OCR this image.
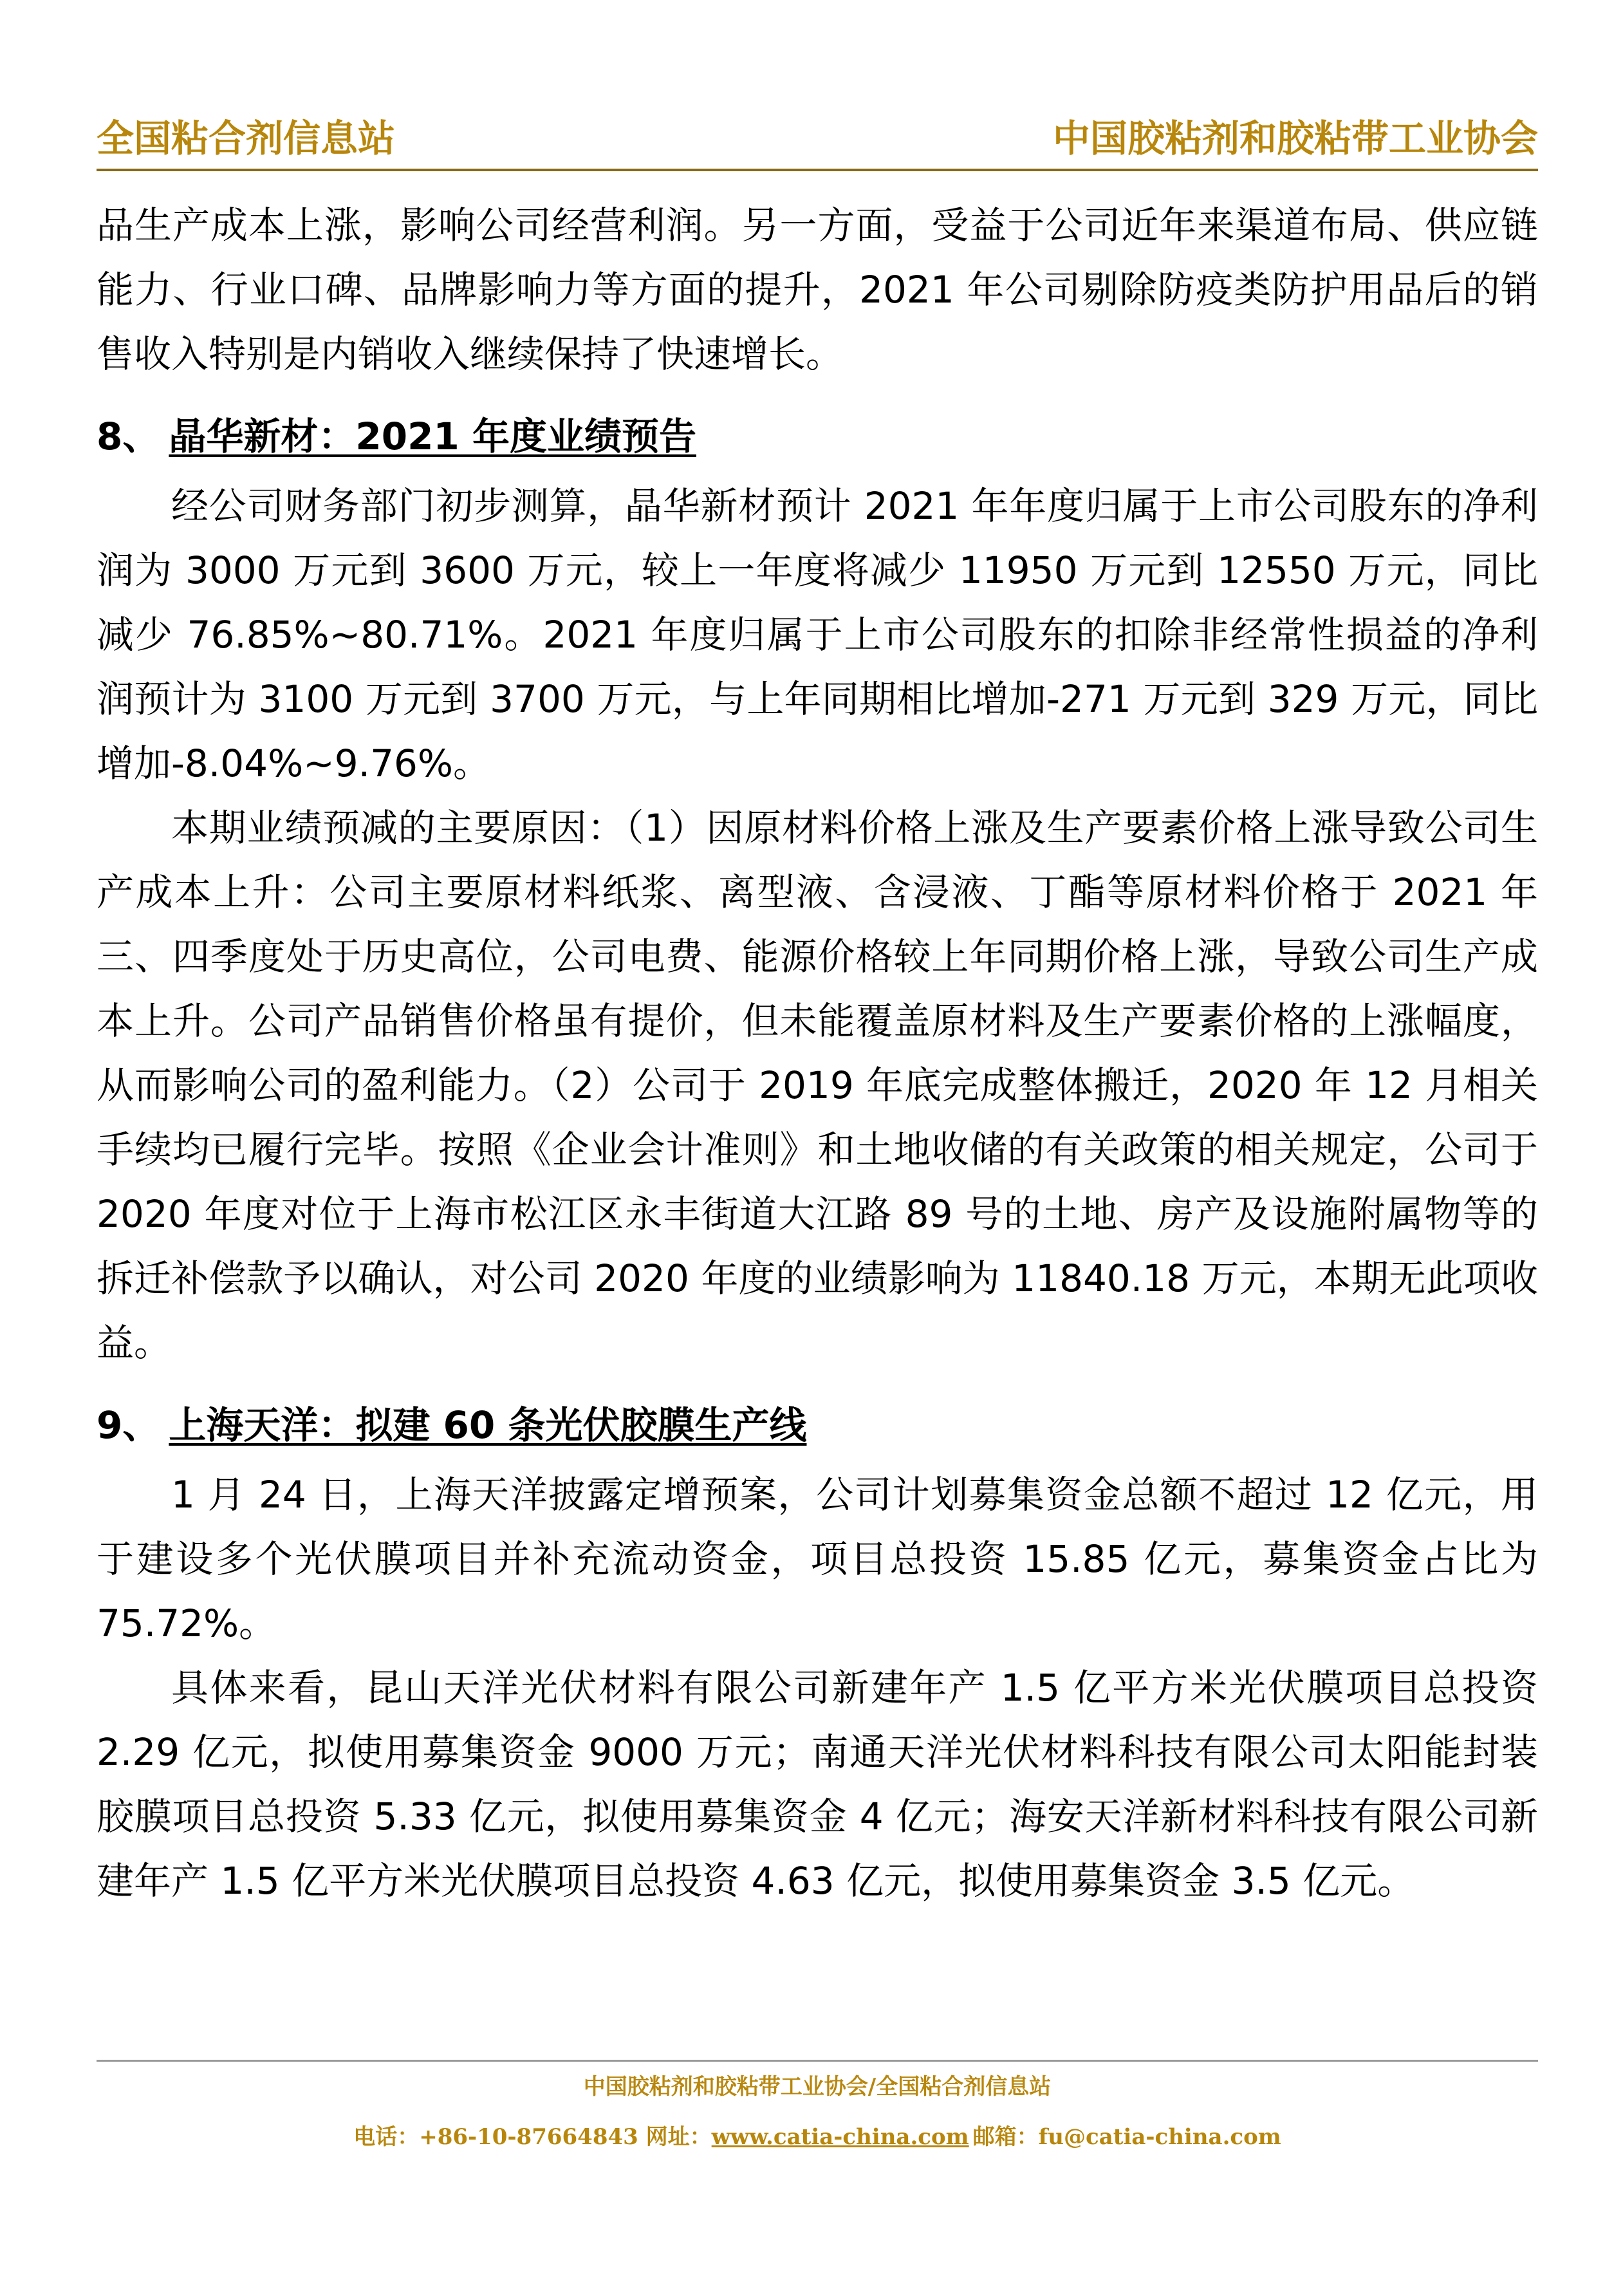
全国粘合剂信息站	中国胶粘剂和胶粘带工业协会

品生产成本上涨，影响公司经营利润。另一方面，受益于公司近年来渠道布局、供应链能力、行业口碑、品牌影响力等方面的提升，2021 年公司剔除防疫类防护用品后的销 售收入特别是内销收入继续保持了快速增长。

8、 晶华新材：2021 年度业绩预告

经公司财务部门初步测算，晶华新材预计 2021 年年度归属于上市公司股东的净利润为 3000 万元到 3600 万元，较上一年度将减少 11950 万元到 12550 万元，同比减少 76.85%~80.71%。2021 年度归属于上市公司股东的扣除非经常性损益的净利润预计为 3100 万元到 3700 万元，与上年同期相比增加-271 万元到 329 万元，同比增加-8.04%~9.76%。

本期业绩预减的主要原因：（1）因原材料价格上涨及生产要素价格上涨导致公司生产成本上升：公司主要原材料纸浆、离型液、含浸液、丁酯等原材料价格于 2021 年三、四季度处于历史高位，公司电费、能源价格较上年同期价格上涨，导致公司生产成本上升。公司产品销售价格虽有提价，但未能覆盖原材料及生产要素价格的上涨幅度，从而影响公司的盈利能力。（2）公司于 2019 年底完成整体搬迁，2020 年 12 月相关手续均已履行完毕。按照《企业会计准则》和土地收储的有关政策的相关规定，公司于 2020 年度对位于上海市松江区永丰街道大江路 89 号的土地、房产及设施附属物等的拆迁补偿款予以确认，对公司 2020 年度的业绩影响为 11840.18 万元，本期无此项收益。

9、 上海天洋：拟建 60 条光伏胶膜生产线

1 月 24 日，上海天洋披露定增预案，公司计划募集资金总额不超过 12 亿元，用于建设多个光伏膜项目并补充流动资金，项目总投资 15.85 亿元，募集资金占比为 75.72%。

具体来看，昆山天洋光伏材料有限公司新建年产 1.5 亿平方米光伏膜项目总投资 2.29 亿元，拟使用募集资金 9000 万元；南通天洋光伏材料科技有限公司太阳能封装胶膜项目总投资 5.33 亿元，拟使用募集资金 4 亿元；海安天洋新材料科技有限公司新建年产 1.5 亿平方米光伏膜项目总投资 4.63 亿元，拟使用募集资金 3.5 亿元。

中国胶粘剂和胶粘带工业协会/全国粘合剂信息站
电话：+86-10-87664843 网址：www.catia-china.com 邮箱：fu@catia-china.com
